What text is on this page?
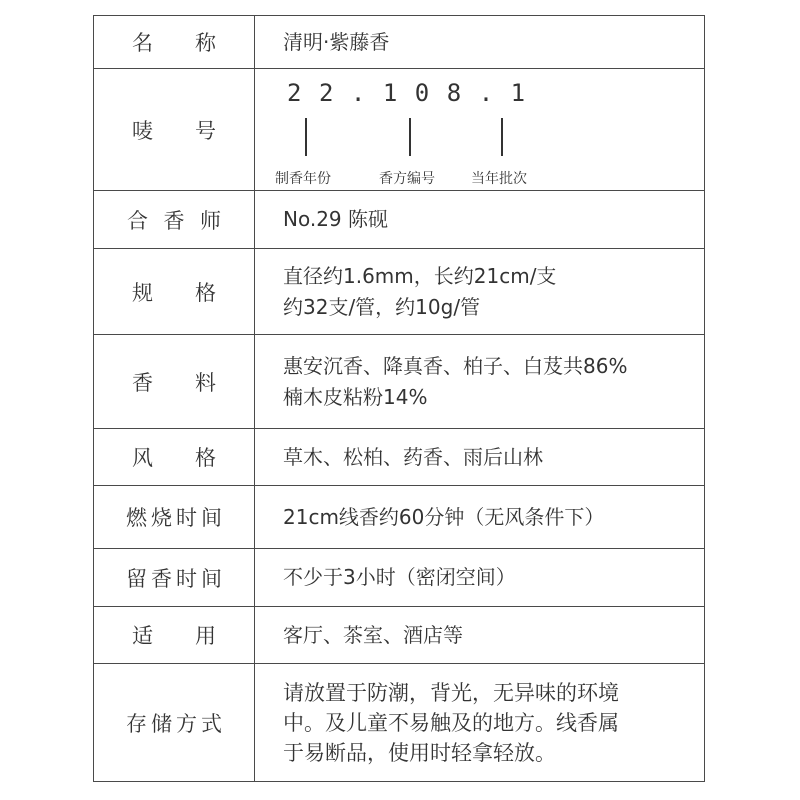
名称	清明·紫藤香
唛号	22.108.1
制香年份 香方编号 当年批次

合香师	No.29 陈砚
规格	直径约1.6mm，长约21cm/支
约32支/管，约10g/管

香料	惠安沉香、降真香、柏子、白芨共86%
楠木皮粘粉14%

风格	草木、松柏、药香、雨后山林
燃烧时间	21cm线香约60分钟（无风条件下）
留香时间	不少于3小时（密闭空间）
适用	客厅、茶室、酒店等
存储方式	请放置于防潮，背光，无异味的环境
中。及儿童不易触及的地方。线香属
于易断品，使用时轻拿轻放。
